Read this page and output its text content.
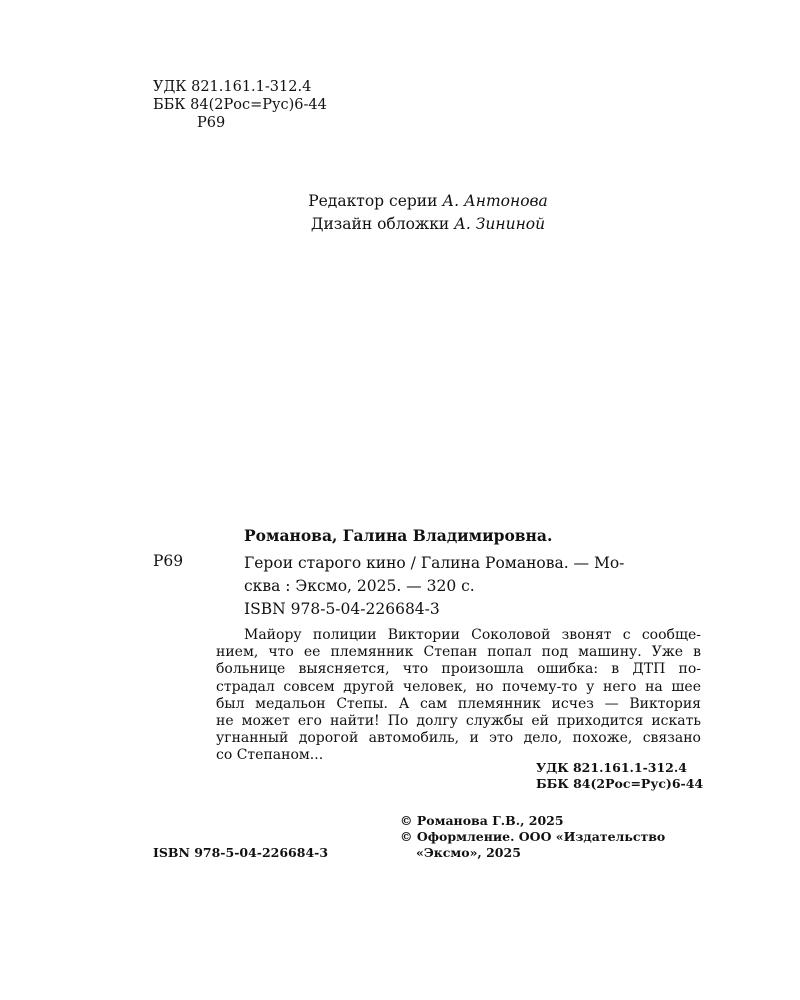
УДК 821.161.1-312.4
ББК 84(2Рос=Рус)6-44
Р69
Редактор серии А. Антонова
Дизайн обложки А. Зининой
Романова, Галина Владимировна.
Р69	Герои старого кино / Галина Романова. — Мо-
сква : Эксмо, 2025. — 320 с.
ISBN 978-5-04-226684-3
Майору полиции Виктории Соколовой звонят с сообще-
нием, что ее племянник Степан попал под машину. Уже в
больнице выясняется, что произошла ошибка: в ДТП по-
страдал совсем другой человек, но почему-то у него на шее
был медальон Степы. А сам племянник исчез — Виктория
не может его найти! По долгу службы ей приходится искать
угнанный дорогой автомобиль, и это дело, похоже, связано
со Степаном...
УДК 821.161.1-312.4
ББК 84(2Рос=Рус)6-44
© Романова Г.В., 2025
© Оформление. ООО «Издательство
«Эксмо», 2025
ISBN 978-5-04-226684-3
